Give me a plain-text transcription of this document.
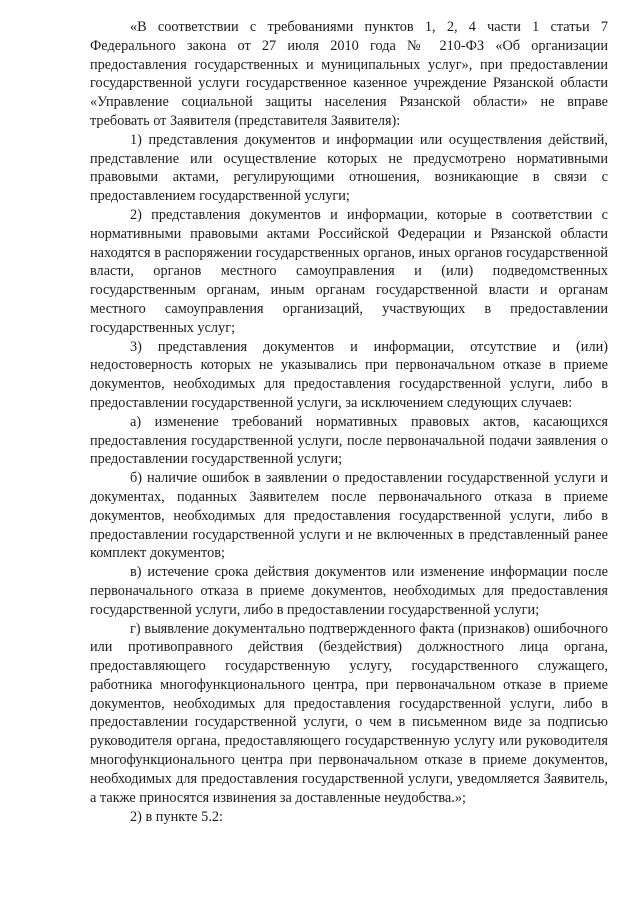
«В соответствии с требованиями пунктов 1, 2, 4 части 1 статьи 7 Федерального закона от 27 июля 2010 года № 210-ФЗ «Об организации предоставления государственных и муниципальных услуг», при предоставлении государственной услуги государственное казенное учреждение Рязанской области «Управление социальной защиты населения Рязанской области» не вправе требовать от Заявителя (представителя Заявителя):

1) представления документов и информации или осуществления действий, представление или осуществление которых не предусмотрено нормативными правовыми актами, регулирующими отношения, возникающие в связи с предоставлением государственной услуги;

2) представления документов и информации, которые в соответствии с нормативными правовыми актами Российской Федерации и Рязанской области находятся в распоряжении государственных органов, иных органов государственной власти, органов местного самоуправления и (или) подведомственных государственным органам, иным органам государственной власти и органам местного самоуправления организаций, участвующих в предоставлении государственных услуг;

3) представления документов и информации, отсутствие и (или) недостоверность которых не указывались при первоначальном отказе в приеме документов, необходимых для предоставления государственной услуги, либо в предоставлении государственной услуги, за исключением следующих случаев:

а) изменение требований нормативных правовых актов, касающихся предоставления государственной услуги, после первоначальной подачи заявления о предоставлении государственной услуги;

б) наличие ошибок в заявлении о предоставлении государственной услуги и документах, поданных Заявителем после первоначального отказа в приеме документов, необходимых для предоставления государственной услуги, либо в предоставлении государственной услуги и не включенных в представленный ранее комплект документов;

в) истечение срока действия документов или изменение информации после первоначального отказа в приеме документов, необходимых для предоставления государственной услуги, либо в предоставлении государственной услуги;

г) выявление документально подтвержденного факта (признаков) ошибочного или противоправного действия (бездействия) должностного лица органа, предоставляющего государственную услугу, государственного служащего, работника многофункционального центра, при первоначальном отказе в приеме документов, необходимых для предоставления государственной услуги, либо в предоставлении государственной услуги, о чем в письменном виде за подписью руководителя органа, предоставляющего государственную услугу или руководителя многофункционального центра при первоначальном отказе в приеме документов, необходимых для предоставления государственной услуги, уведомляется Заявитель, а также приносятся извинения за доставленные неудобства.»;

2) в пункте 5.2:
